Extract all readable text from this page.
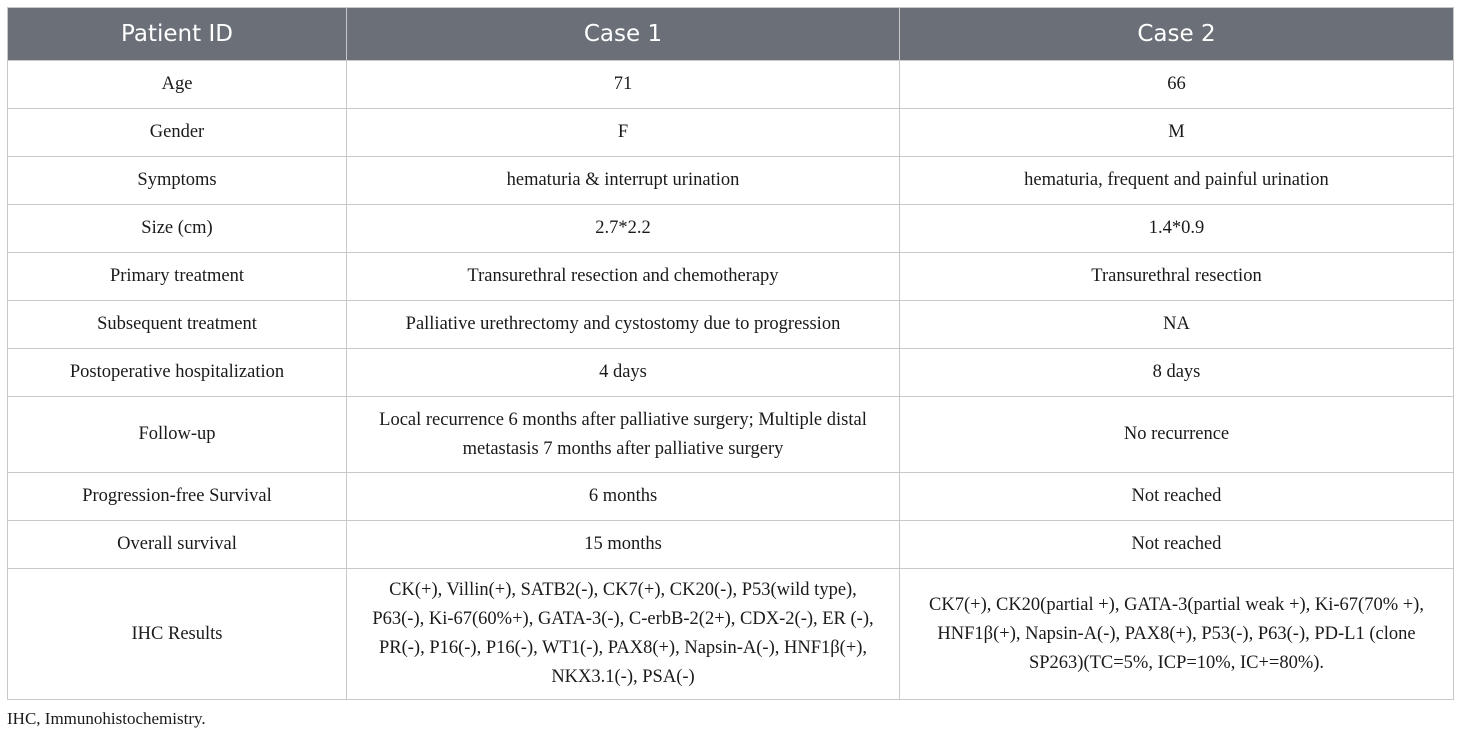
Patient ID	Case 1	Case 2
Age	71	66
Gender	F	M
Symptoms	hematuria & interrupt urination	hematuria, frequent and painful urination
Size (cm)	2.7*2.2	1.4*0.9
Primary treatment	Transurethral resection and chemotherapy	Transurethral resection
Subsequent treatment	Palliative urethrectomy and cystostomy due to progression	NA
Postoperative hospitalization	4 days	8 days
Follow-up	Local recurrence 6 months after palliative surgery; Multiple distal metastasis 7 months after palliative surgery	No recurrence
Progression-free Survival	6 months	Not reached
Overall survival	15 months	Not reached
IHC Results	CK(+), Villin(+), SATB2(-), CK7(+), CK20(-), P53(wild type), P63(-), Ki-67(60%+), GATA-3(-), C-erbB-2(2+), CDX-2(-), ER (-), PR(-), P16(-), P16(-), WT1(-), PAX8(+), Napsin-A(-), HNF1β(+), NKX3.1(-), PSA(-)	CK7(+), CK20(partial +), GATA-3(partial weak +), Ki-67(70% +), HNF1β(+), Napsin-A(-), PAX8(+), P53(-), P63(-), PD-L1 (clone SP263)(TC=5%, ICP=10%, IC+=80%).
IHC, Immunohistochemistry.
